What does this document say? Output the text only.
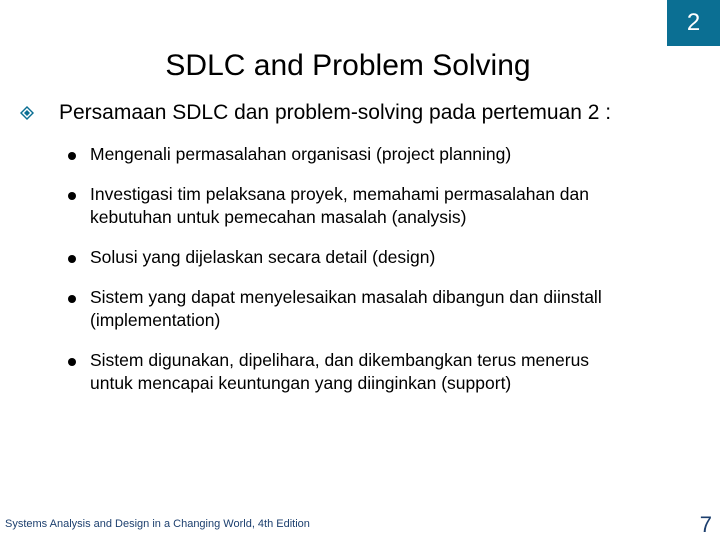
2
SDLC and Problem Solving
Persamaan SDLC dan problem-solving pada pertemuan 2 :
Mengenali permasalahan organisasi (project planning)
Investigasi tim pelaksana proyek, memahami permasalahan dan
kebutuhan untuk pemecahan masalah (analysis)
Solusi yang dijelaskan secara detail (design)
Sistem yang dapat menyelesaikan masalah dibangun dan diinstall
(implementation)
Sistem digunakan, dipelihara, dan dikembangkan terus menerus
untuk mencapai keuntungan yang diinginkan (support)
Systems Analysis and Design in a Changing World, 4th Edition	7
